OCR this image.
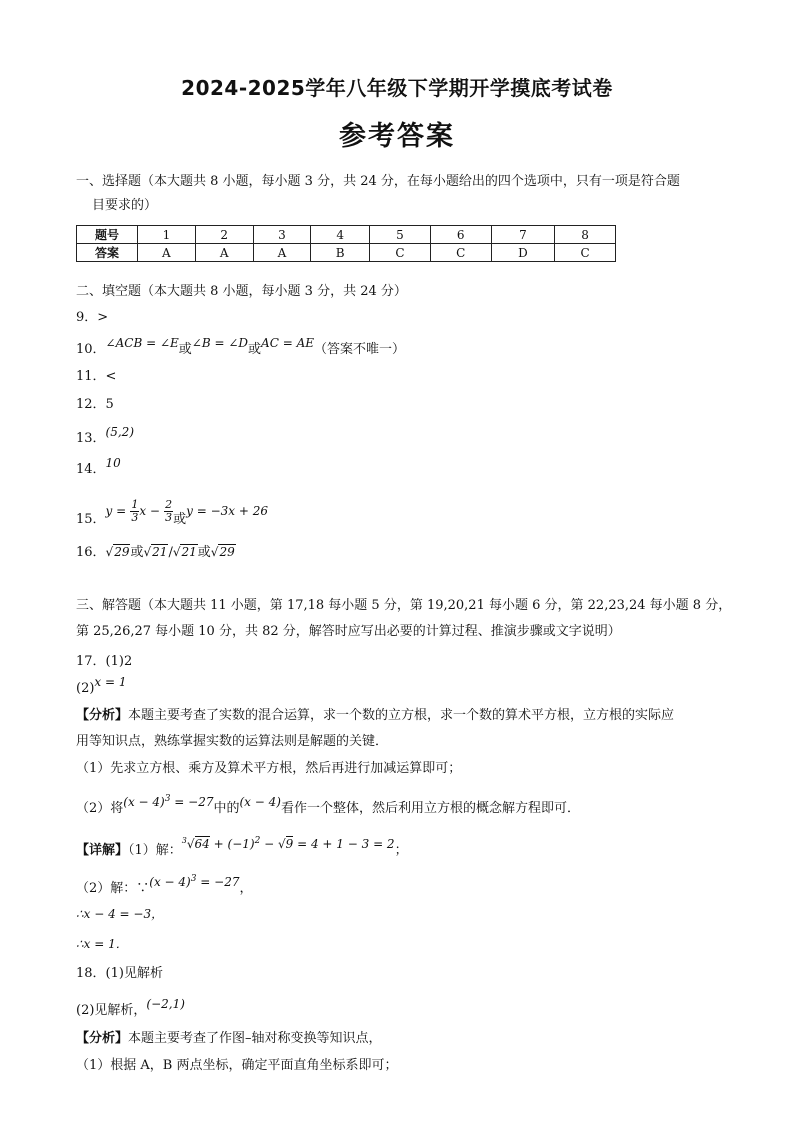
2024-2025学年八年级下学期开学摸底考试卷
参考答案
一、选择题（本大题共 8 小题，每小题 3 分，共 24 分，在每小题给出的四个选项中，只有一项是符合题
目要求的）
题号	1	2	3	4	5	6	7	8
答案	A	A	A	B	C	C	D	C
二、填空题（本大题共 8 小题，每小题 3 分，共 24 分）
9．>
10．∠ACB = ∠E或∠B = ∠D或AC = AE（答案不唯一）
11．<
12．5
13．(5,2)
14．10
15．$y = \frac{1}{3}$ $x - \frac{2}{3}$ 或y = −3x + 26
16．√29或√21/√21或√29
三、解答题（本大题共 11 小题，第 17,18 每小题 5 分，第 19,20,21 每小题 6 分，第 22,23,24 每小题 8 分，
第 25,26,27 每小题 10 分，共 82 分，解答时应写出必要的计算过程、推演步骤或文字说明）
17．(1)2
(2)x = 1
【分析】本题主要考查了实数的混合运算，求一个数的立方根，求一个数的算术平方根，立方根的实际应
用等知识点，熟练掌握实数的运算法则是解题的关键．
（1）先求立方根、乘方及算术平方根，然后再进行加减运算即可；
（2）将$(x - 4)^3 = -27$中的(x − 4)看作一个整体，然后利用立方根的概念解方程即可．
【详解】（1）解：$^3√64 + (-1)^2 - √9 = 4 + 1 - 3 = 2$；
（2）解：∵(x − 4)$^3$ = −27，
∴x − 4 = −3，
∴x = 1．
18．(1)见解析
(2)见解析，(−2,1)
【分析】本题主要考查了作图–轴对称变换等知识点，
（1）根据 A，B 两点坐标，确定平面直角坐标系即可；
